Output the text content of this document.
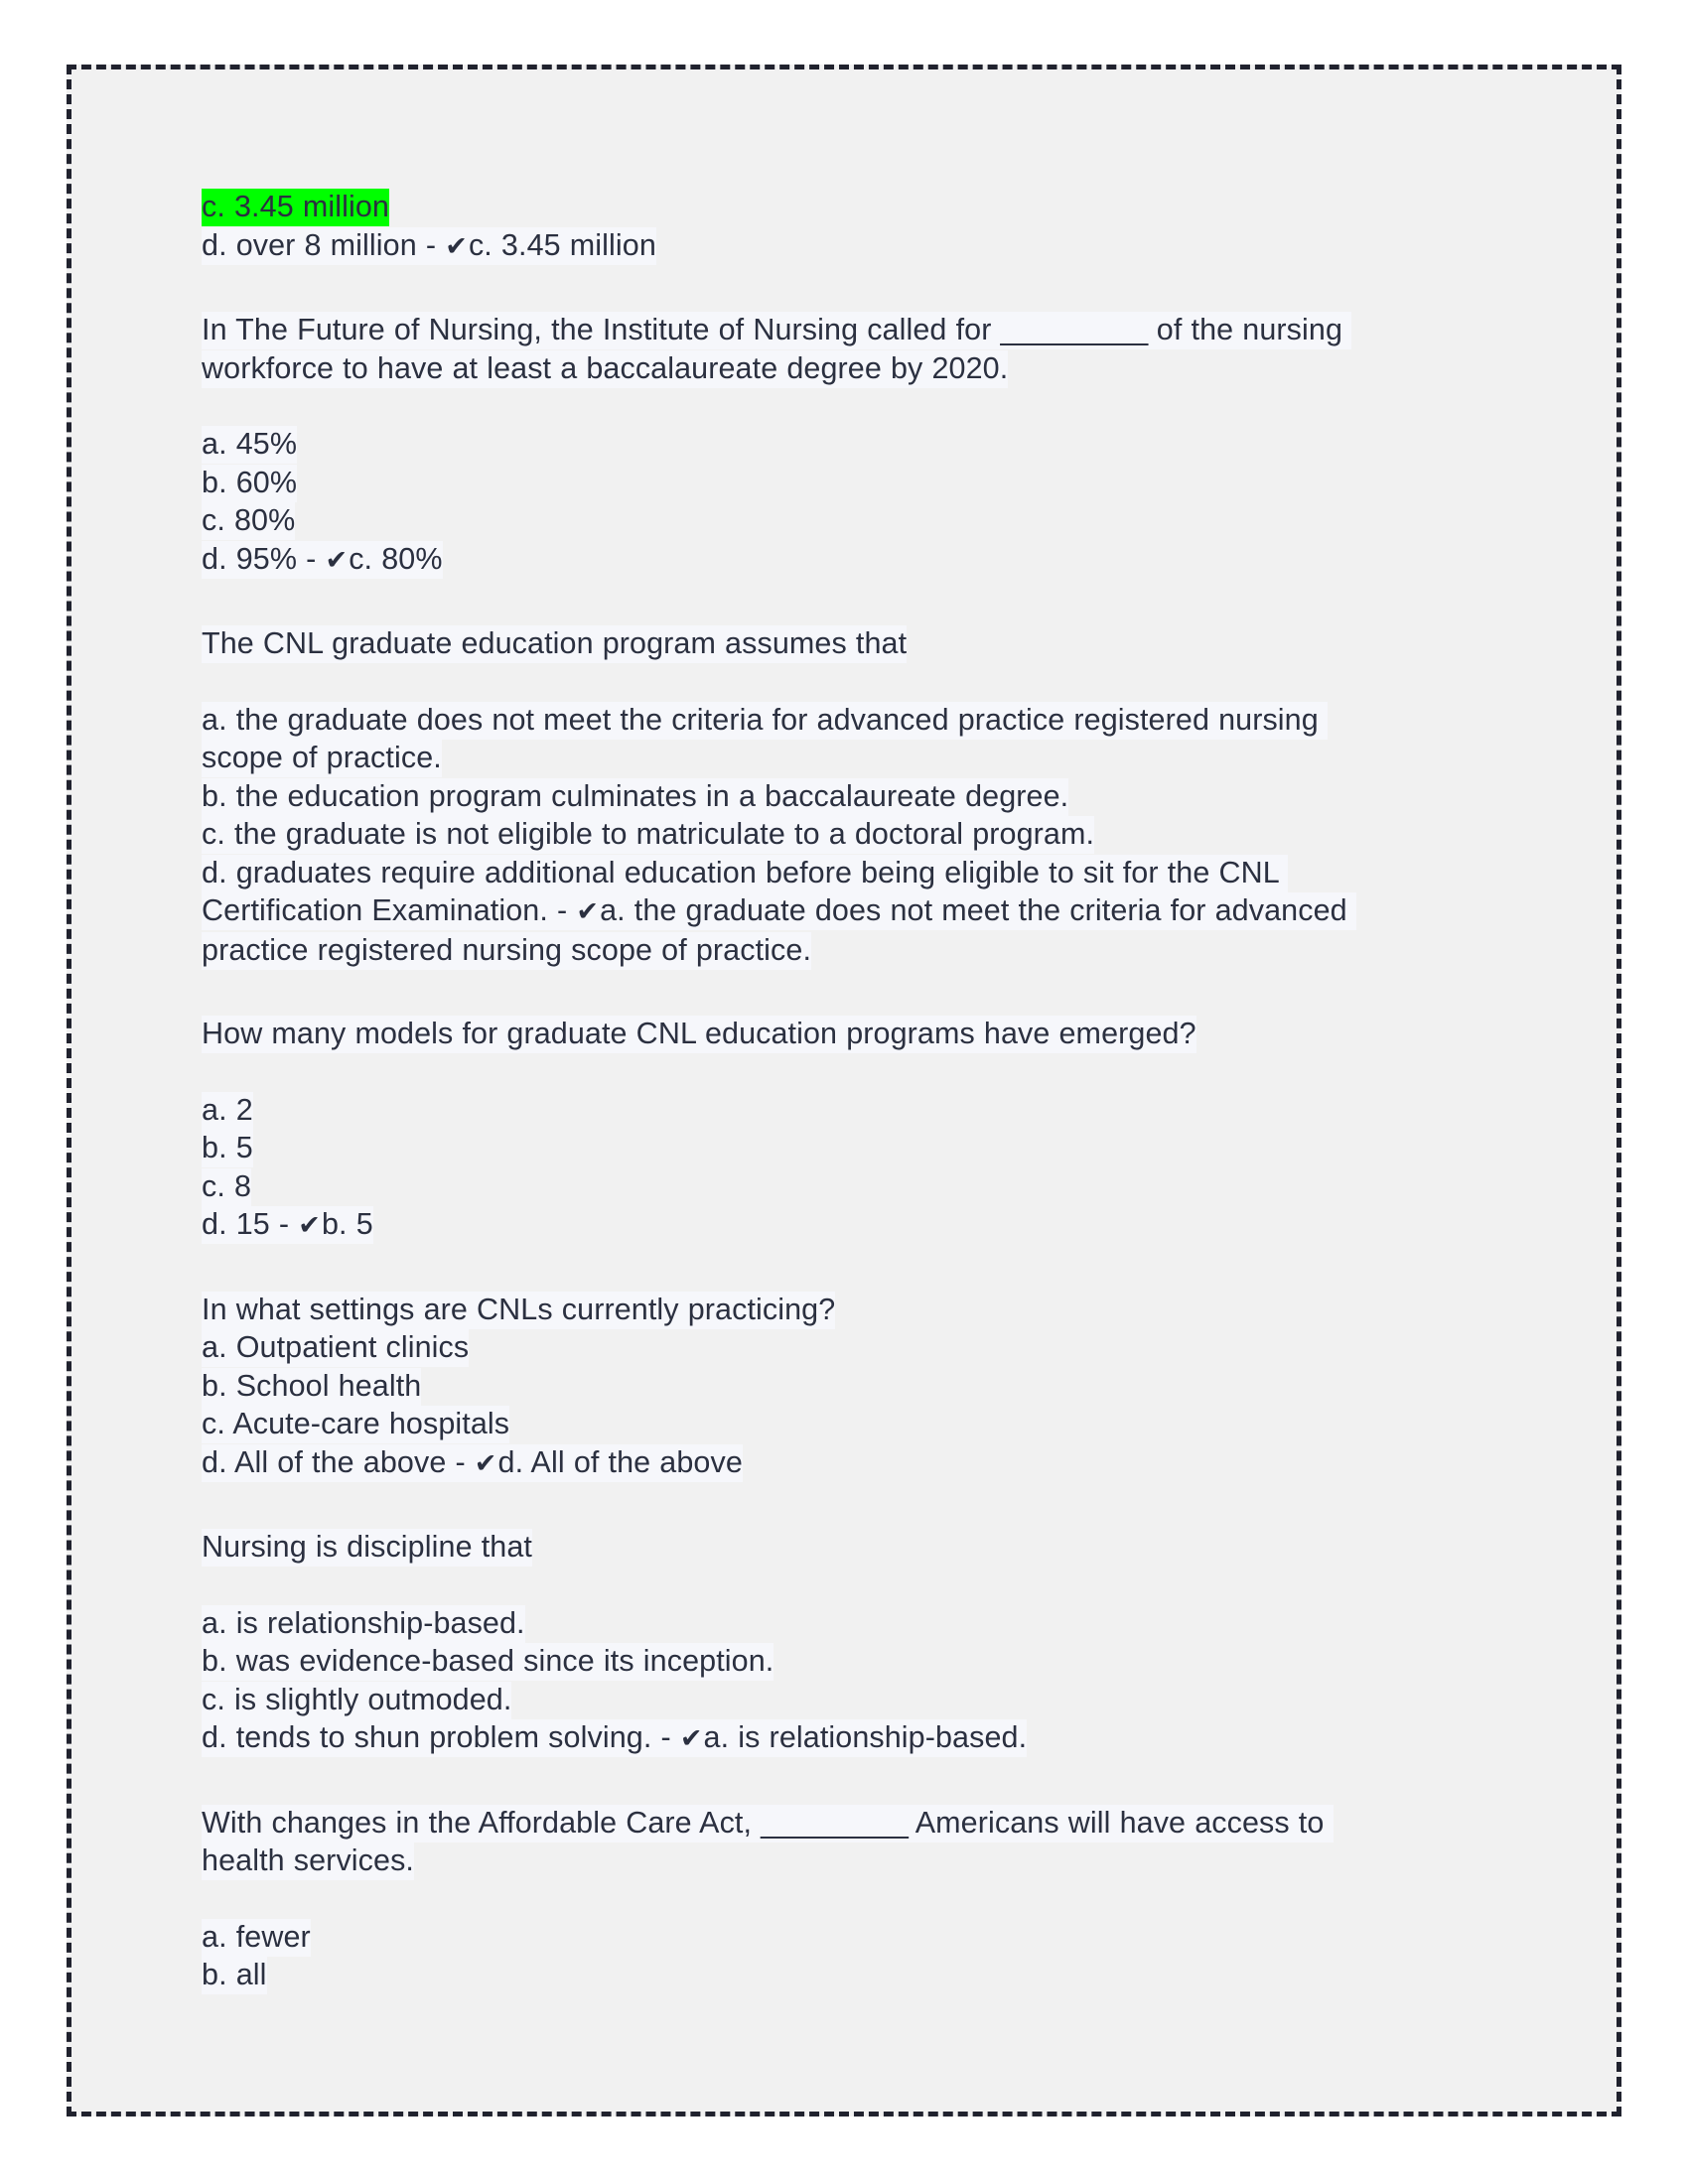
c. 3.45 million
d. over 8 million - ✔c. 3.45 million
In The Future of Nursing, the Institute of Nursing called for _________ of the nursing workforce to have at least a baccalaureate degree by 2020.
a. 45%
b. 60%
c. 80%
d. 95% - ✔c. 80%
The CNL graduate education program assumes that
a. the graduate does not meet the criteria for advanced practice registered nursing scope of practice.
b. the education program culminates in a baccalaureate degree.
c. the graduate is not eligible to matriculate to a doctoral program.
d. graduates require additional education before being eligible to sit for the CNL Certification Examination. - ✔a. the graduate does not meet the criteria for advanced practice registered nursing scope of practice.
How many models for graduate CNL education programs have emerged?
a. 2
b. 5
c. 8
d. 15 - ✔b. 5
In what settings are CNLs currently practicing?
a. Outpatient clinics
b. School health
c. Acute-care hospitals
d. All of the above - ✔d. All of the above
Nursing is discipline that
a. is relationship-based.
b. was evidence-based since its inception.
c. is slightly outmoded.
d. tends to shun problem solving. - ✔a. is relationship-based.
With changes in the Affordable Care Act, _________ Americans will have access to health services.
a. fewer
b. all
